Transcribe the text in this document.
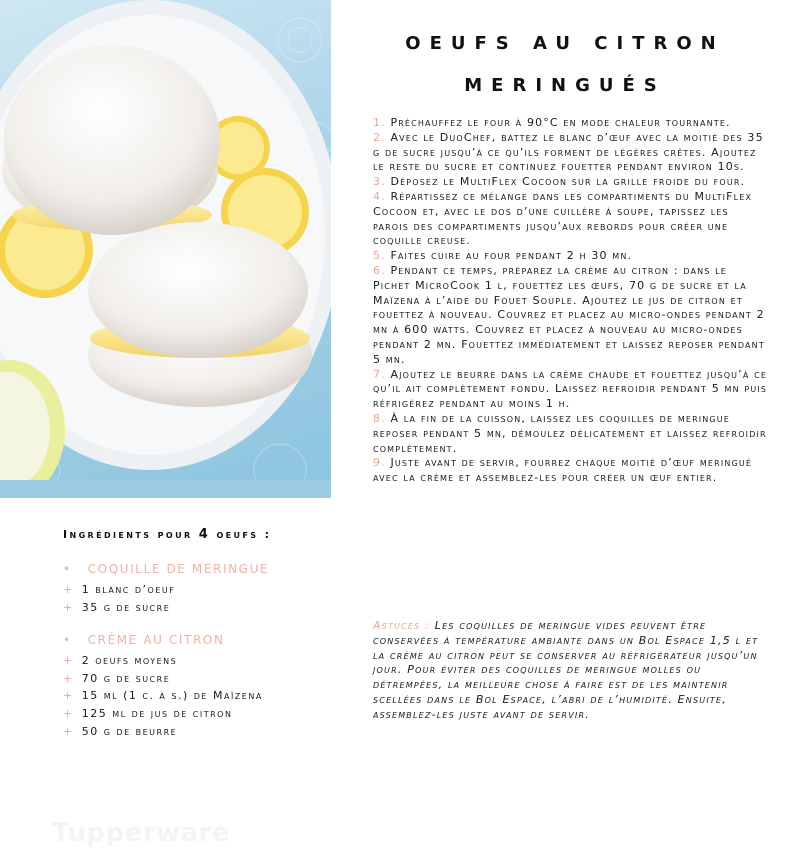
OEUFS AU CITRON
MERINGUÉS

1. Préchauffez le four à 90°C en mode chaleur tournante.

2. Avec le DuoChef, battez le blanc d’œuf avec la moitié des 35 g de sucre jusqu’à ce qu’ils forment de légères crêtes. Ajoutez le reste du sucre et continuez fouetter pendant environ 10s.

3. Déposez le MultiFlex Cocoon sur la grille froide du four.

4. Répartissez ce mélange dans les compartiments du MultiFlex Cocoon et, avec le dos d’une cuillère à soupe, tapissez les parois des compartiments jusqu’aux rebords pour créer une coquille creuse.

5. Faites cuire au four pendant 2 h 30 mn.

6. Pendant ce temps, préparez la crème au citron : dans le Pichet MicroCook 1 l, fouettez les œufs, 70 g de sucre et la Maïzena à l’aide du Fouet Souple. Ajoutez le jus de citron et fouettez à nouveau. Couvrez et placez au micro-ondes pendant 2 mn à 600 watts. Couvrez et placez à nouveau au micro-ondes pendant 2 mn. Fouettez immédiatement et laissez reposer pendant 5 mn.

7. Ajoutez le beurre dans la crème chaude et fouettez jusqu’à ce qu’il ait complètement fondu. Laissez refroidir pendant 5 mn puis réfrigérez pendant au moins 1 h.

8. À la fin de la cuisson, laissez les coquilles de meringue reposer pendant 5 mn, démoulez délicatement et laissez refroidir complètement.

9. Juste avant de servir, fourrez chaque moitié d’œuf meringué avec la crème et assemblez-les pour créer un œuf entier.

Astuces : Les coquilles de meringue vides peuvent être conservées à température ambiante dans un Bol Espace 1,5 l et la crème au citron peut se conserver au réfrigérateur jusqu’un jour. Pour éviter des coquilles de meringue molles ou détrempées, la meilleure chose à faire est de les maintenir scellées dans le Bol Espace, l’abri de l’humidité. Ensuite, assemblez-les juste avant de servir.
Ingrédients pour 4 oeufs :
• COQUILLE DE MERINGUE
+ 1 blanc d’oeuf
+ 35 g de sucre
• CRÈME AU CITRON
+ 2 oeufs moyens
+ 70 g de sucre
+ 15 ml (1 c. à s.) de Maïzena
+ 125 ml de jus de citron
+ 50 g de beurre
Tupperware
